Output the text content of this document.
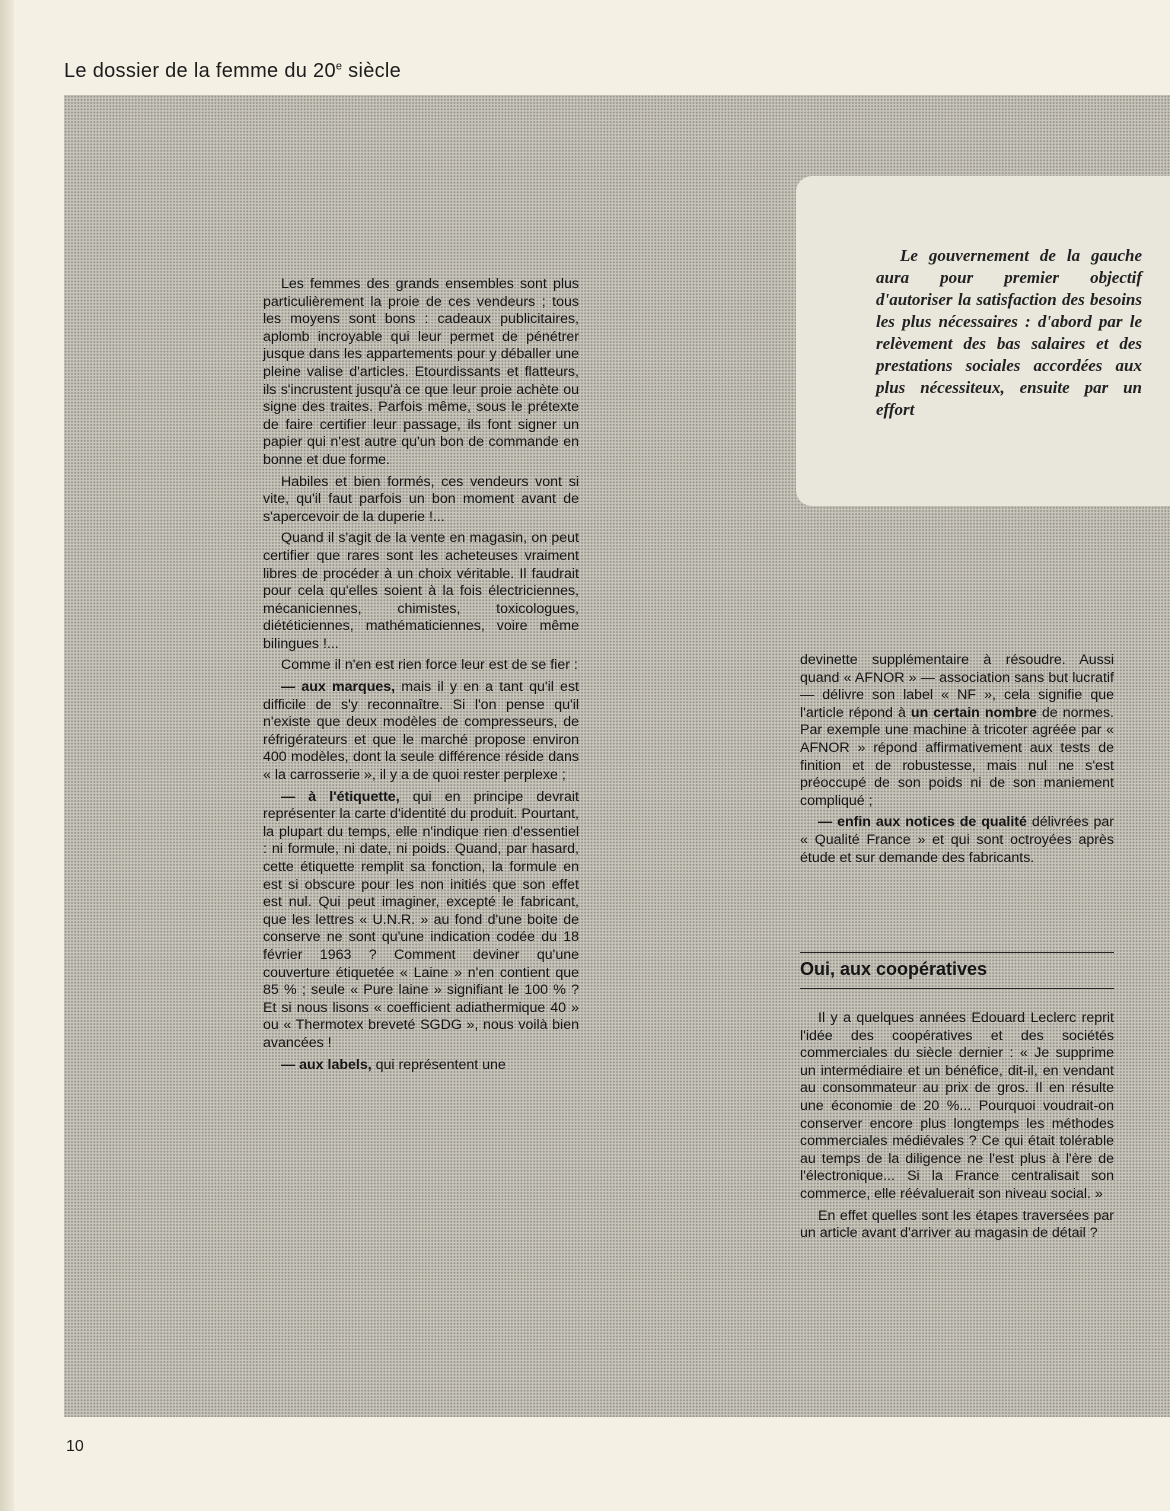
Le dossier de la femme du 20e siècle

Le gouvernement de la gauche aura pour premier objectif d'autoriser la satisfaction des besoins les plus nécessaires : d'abord par le relèvement des bas salaires et des prestations sociales accordées aux plus nécessiteux, ensuite par un effort

Les femmes des grands ensembles sont plus particulièrement la proie de ces vendeurs ; tous les moyens sont bons : cadeaux publicitaires, aplomb incroyable qui leur permet de pénétrer jusque dans les appartements pour y déballer une pleine valise d'articles. Etourdissants et flatteurs, ils s'incrustent jusqu'à ce que leur proie achète ou signe des traites. Parfois même, sous le prétexte de faire certifier leur passage, ils font signer un papier qui n'est autre qu'un bon de commande en bonne et due forme.

Habiles et bien formés, ces vendeurs vont si vite, qu'il faut parfois un bon moment avant de s'apercevoir de la duperie !...

Quand il s'agit de la vente en magasin, on peut certifier que rares sont les acheteuses vraiment libres de procéder à un choix véritable. Il faudrait pour cela qu'elles soient à la fois électriciennes, mécaniciennes, chimistes, toxicologues, diététiciennes, mathématiciennes, voire même bilingues !...

Comme il n'en est rien force leur est de se fier :

— aux marques, mais il y en a tant qu'il est difficile de s'y reconnaître. Si l'on pense qu'il n'existe que deux modèles de compresseurs, de réfrigérateurs et que le marché propose environ 400 modèles, dont la seule différence réside dans « la carrosserie », il y a de quoi rester perplexe ;

— à l'étiquette, qui en principe devrait représenter la carte d'identité du produit. Pourtant, la plupart du temps, elle n'indique rien d'essentiel : ni formule, ni date, ni poids. Quand, par hasard, cette étiquette remplit sa fonction, la formule en est si obscure pour les non initiés que son effet est nul. Qui peut imaginer, excepté le fabricant, que les lettres « U.N.R. » au fond d'une boite de conserve ne sont qu'une indication codée du 18 février 1963 ? Comment deviner qu'une couverture étiquetée « Laine » n'en contient que 85 % ; seule « Pure laine » signifiant le 100 % ? Et si nous lisons « coefficient adiathermique 40 » ou « Thermotex breveté SGDG », nous voilà bien avancées !

— aux labels, qui représentent une

devinette supplémentaire à résoudre. Aussi quand « AFNOR » — association sans but lucratif — délivre son label « NF », cela signifie que l'article répond à un certain nombre de normes. Par exemple une machine à tricoter agréée par « AFNOR » répond affirmativement aux tests de finition et de robustesse, mais nul ne s'est préoccupé de son poids ni de son maniement compliqué ;

— enfin aux notices de qualité délivrées par « Qualité France » et qui sont octroyées après étude et sur demande des fabricants.

Oui, aux coopératives

Il y a quelques années Edouard Leclerc reprit l'idée des coopératives et des sociétés commerciales du siècle dernier : « Je supprime un intermédiaire et un bénéfice, dit-il, en vendant au consommateur au prix de gros. Il en résulte une économie de 20 %... Pourquoi voudrait-on conserver encore plus longtemps les méthodes commerciales médiévales ? Ce qui était tolérable au temps de la diligence ne l'est plus à l'ère de l'électronique... Si la France centralisait son commerce, elle réévaluerait son niveau social. »

En effet quelles sont les étapes traversées par un article avant d'arriver au magasin de détail ?

10
